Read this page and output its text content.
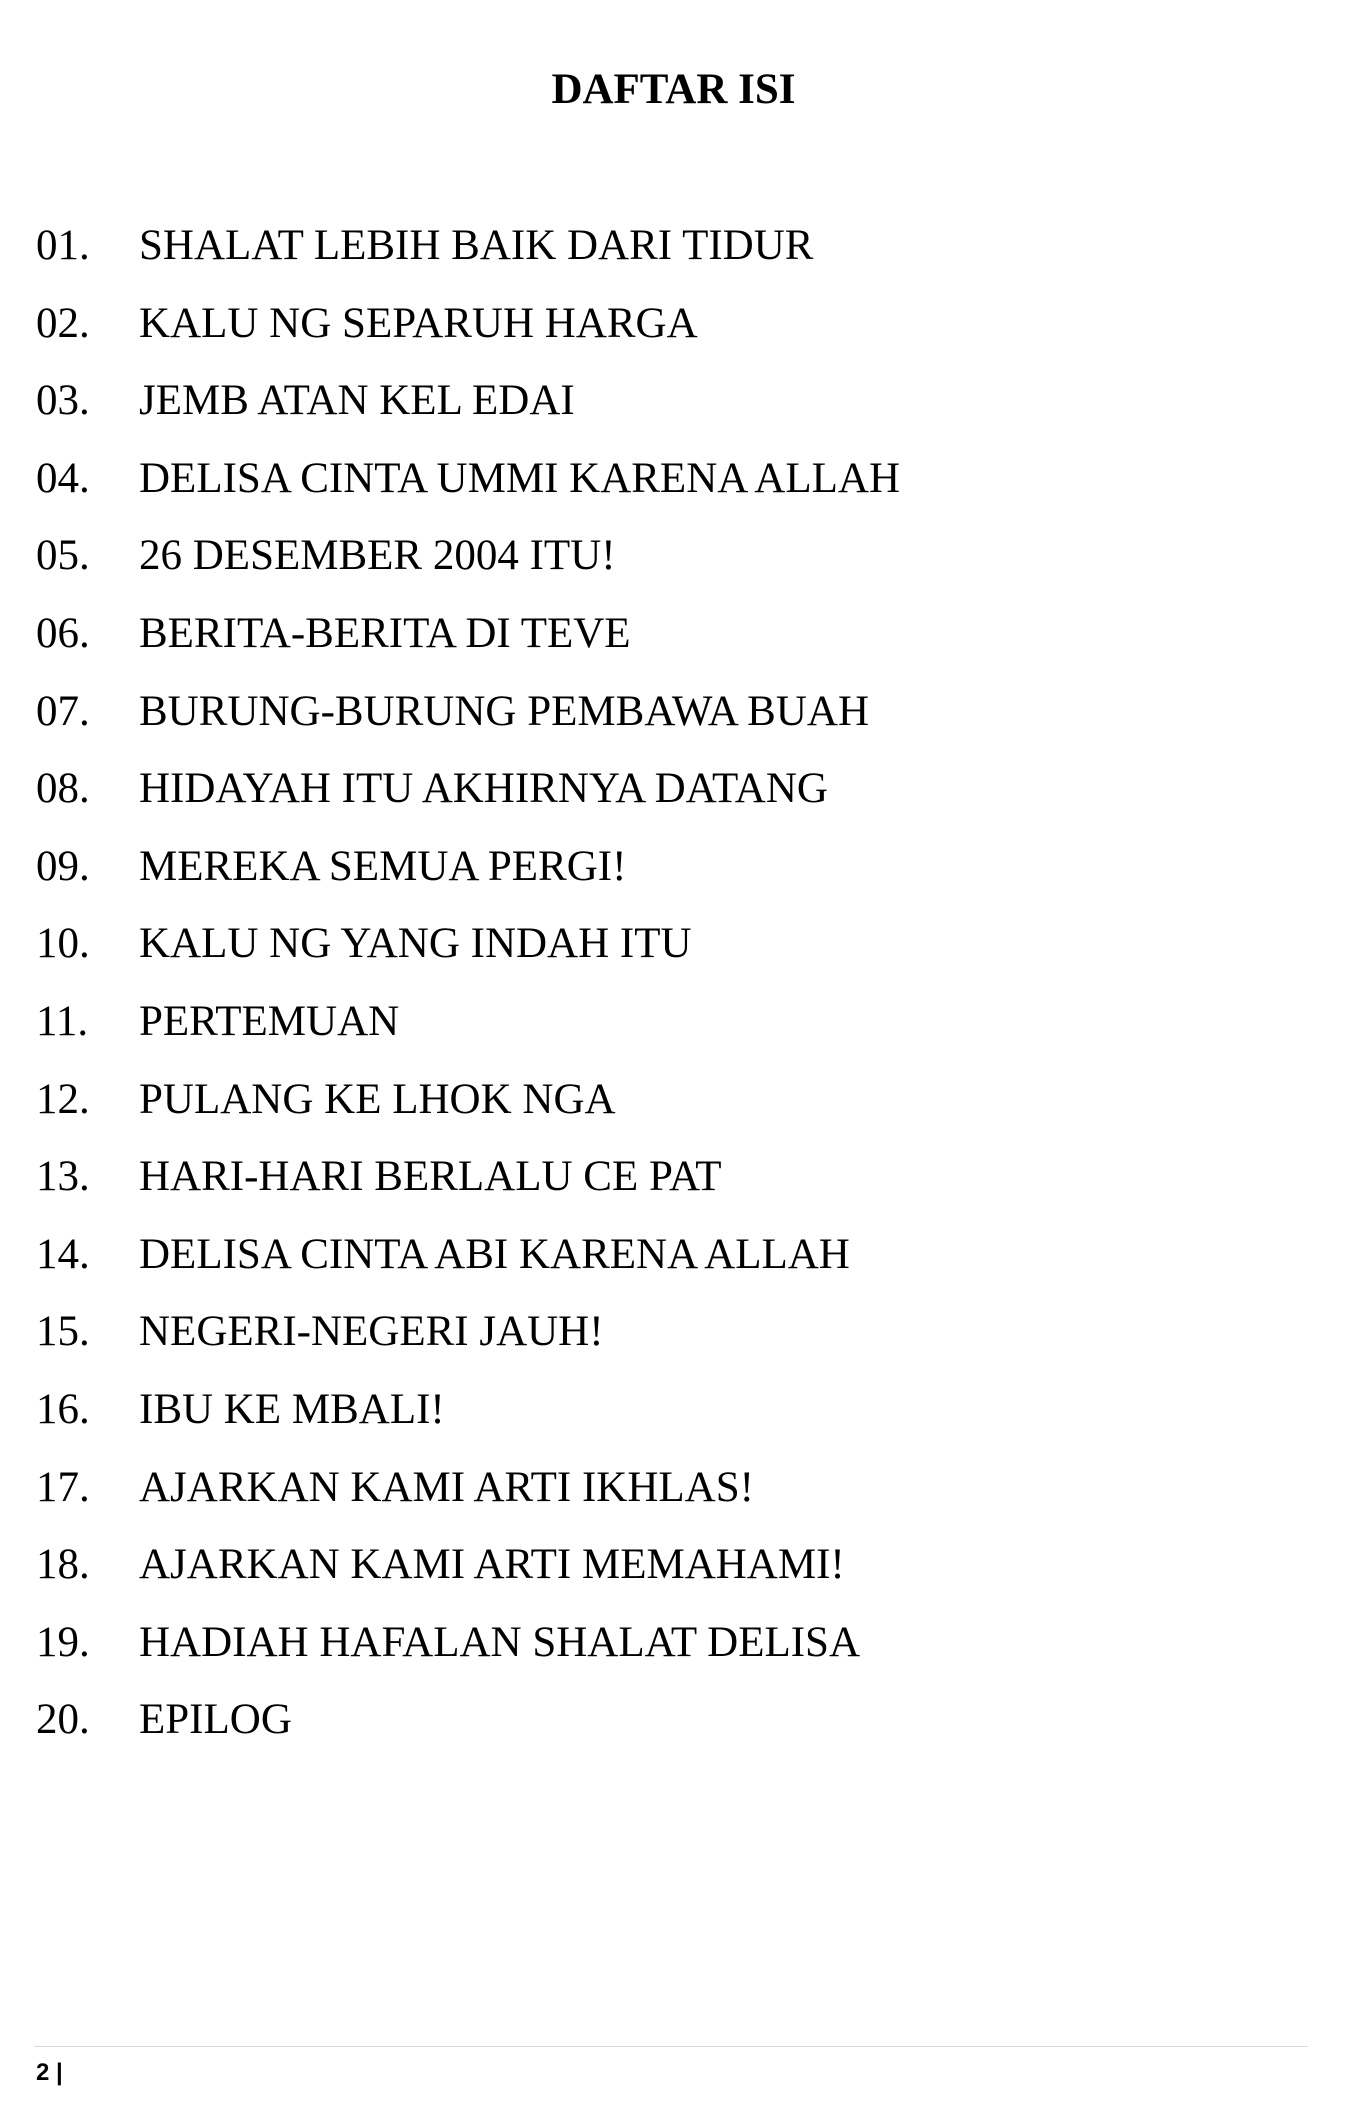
DAFTAR ISI
01. SHALAT LEBIH BAIK DARI TIDUR
02. KALU NG SEPARUH HARGA
03. JEMB ATAN KEL EDAI
04. DELISA CINTA UMMI KARENA ALLAH
05. 26 DESEMBER 2004 ITU!
06. BERITA-BERITA DI TEVE
07. BURUNG-BURUNG PEMBAWA BUAH
08. HIDAYAH ITU AKHIRNYA DATANG
09. MEREKA SEMUA PERGI!
10. KALU NG YANG INDAH ITU
11. PERTEMUAN
12. PULANG KE LHOK NGA
13. HARI-HARI BERLALU CE PAT
14. DELISA CINTA ABI KARENA ALLAH
15. NEGERI-NEGERI JAUH!
16. IBU KE MBALI!
17. AJARKAN KAMI ARTI IKHLAS!
18. AJARKAN KAMI ARTI MEMAHAMI!
19. HADIAH HAFALAN SHALAT DELISA
20. EPILOG
2 |
